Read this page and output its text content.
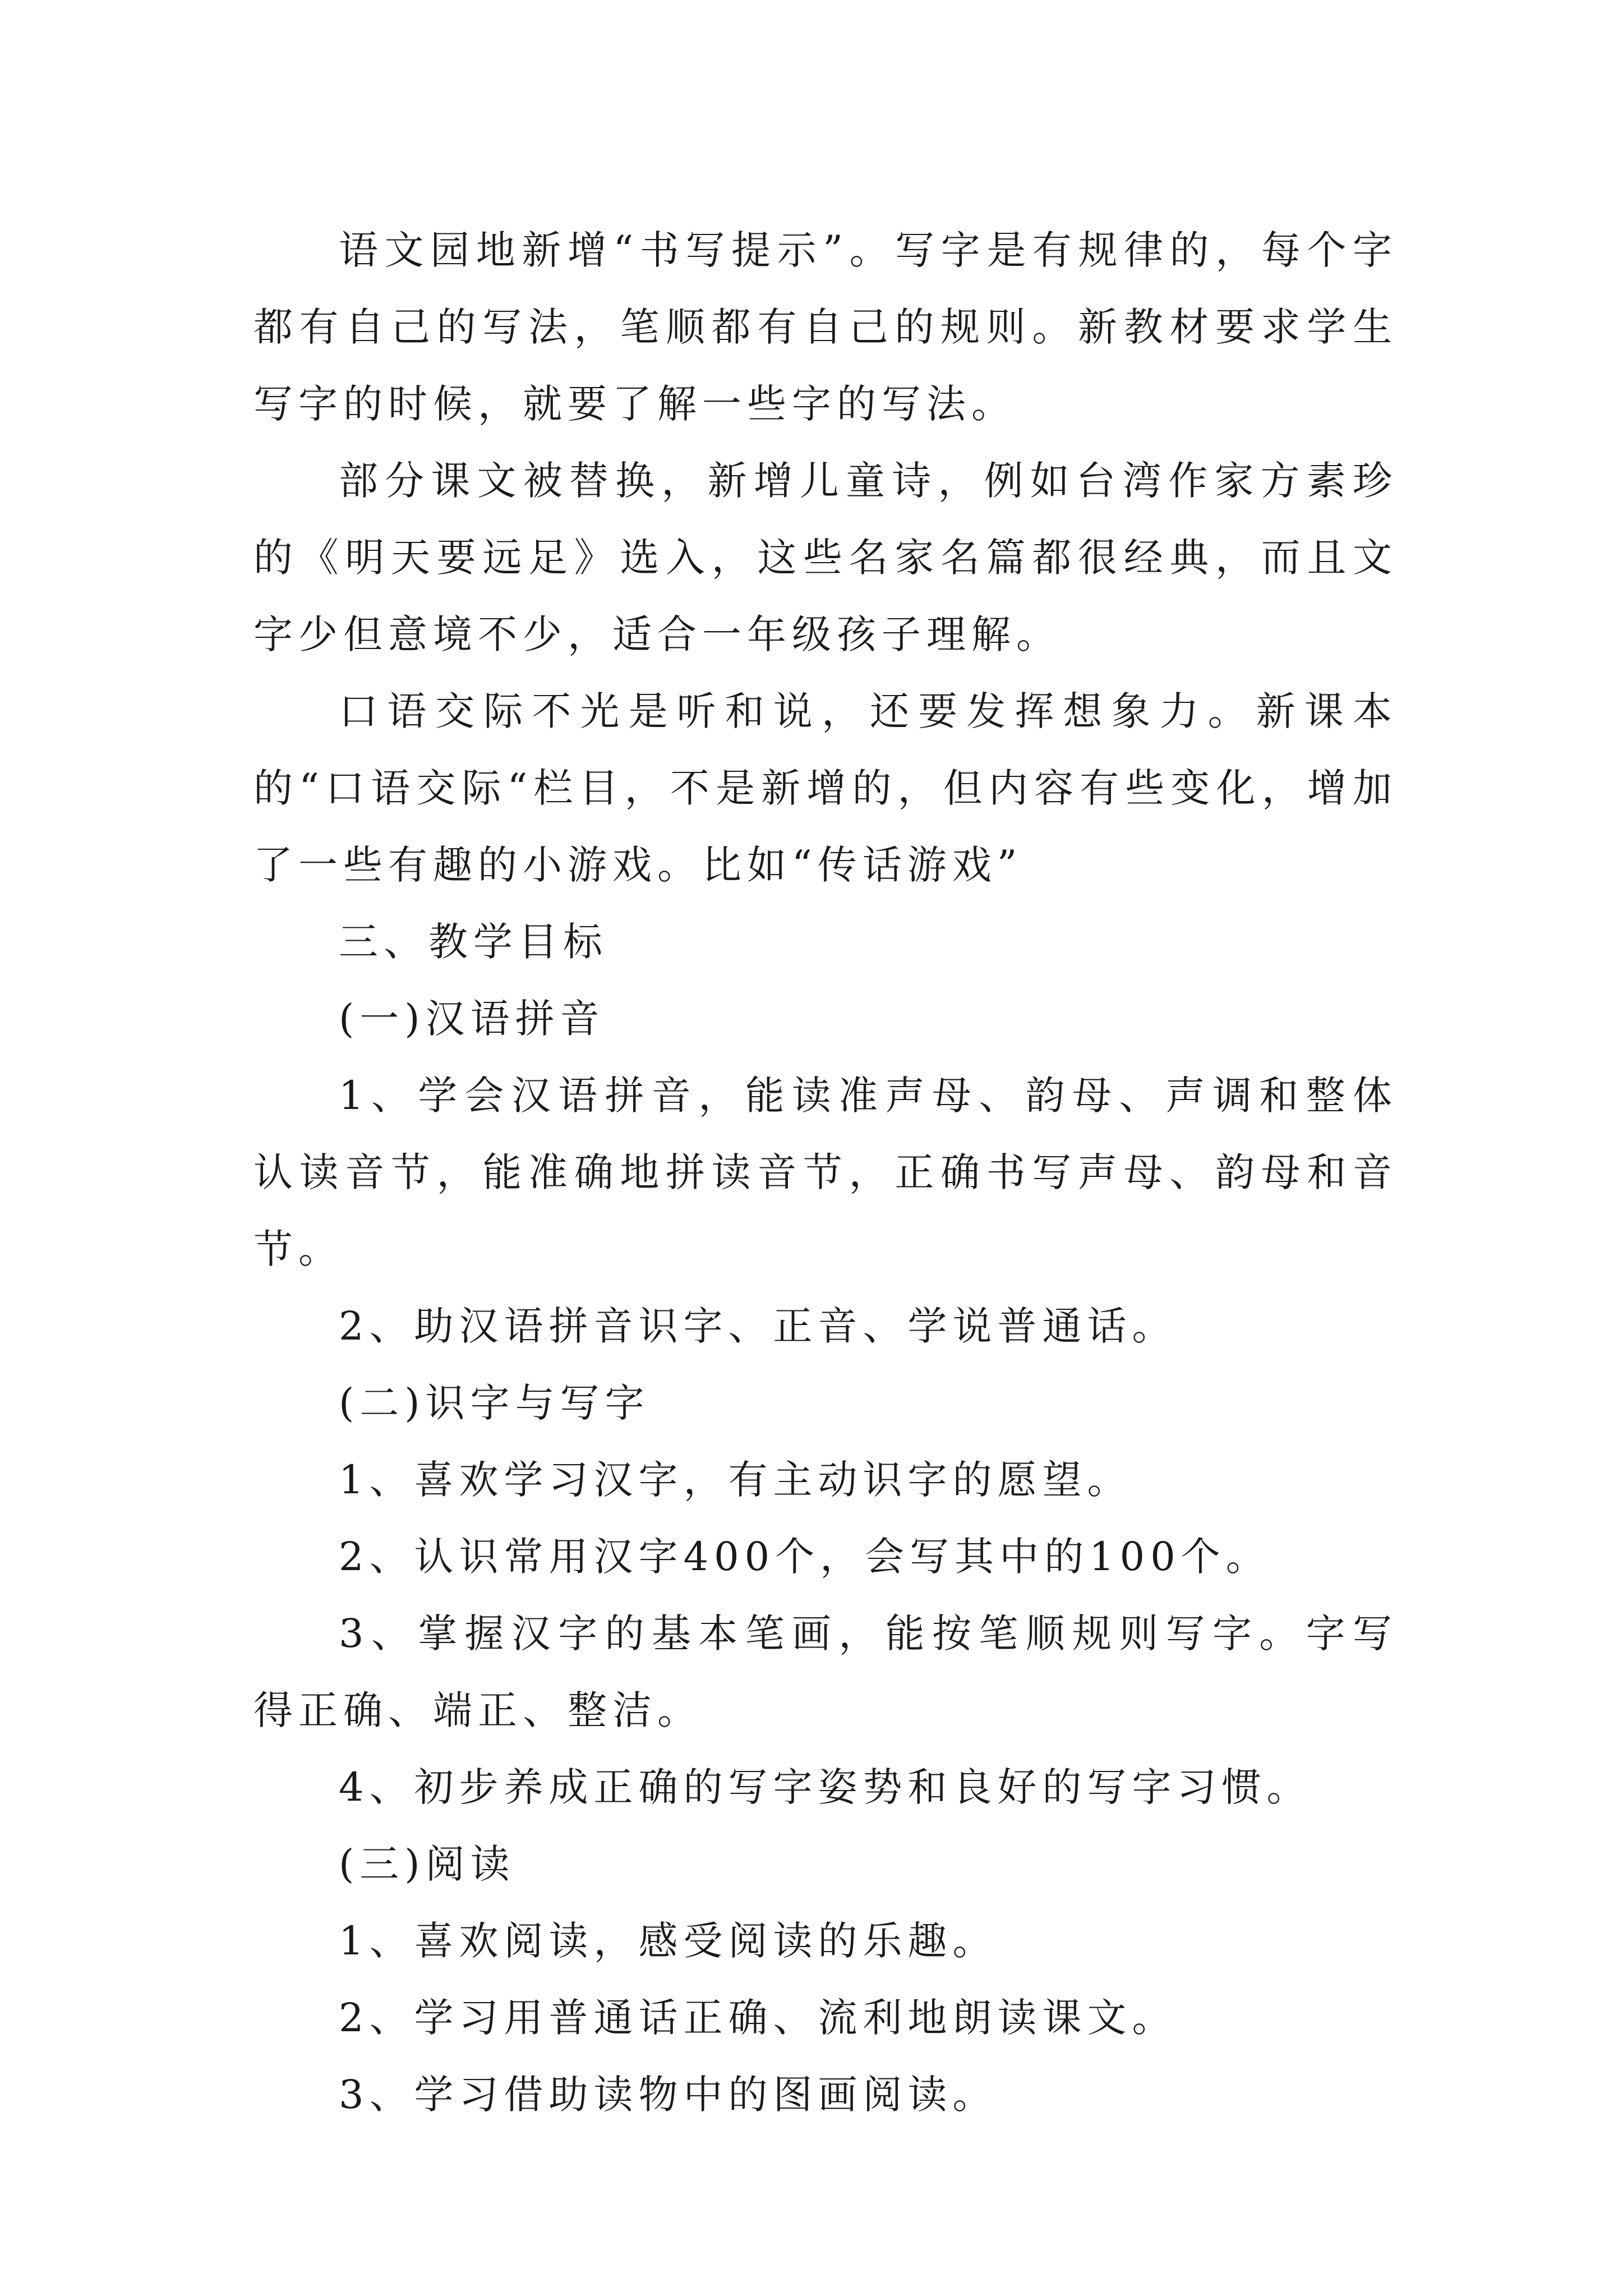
语文园地新增“书写提示”。写字是有规律的，每个字都有自己的写法，笔顺都有自己的规则。新教材要求学生写字的时候，就要了解一些字的写法。

部分课文被替换，新增儿童诗，例如台湾作家方素珍的《明天要远足》选入，这些名家名篇都很经典，而且文字少但意境不少，适合一年级孩子理解。

口语交际不光是听和说，还要发挥想象力。新课本的“口语交际“栏目，不是新增的，但内容有些变化，增加了一些有趣的小游戏。比如“传话游戏”

三、教学目标

(一)汉语拼音

1、学会汉语拼音，能读准声母、韵母、声调和整体认读音节，能准确地拼读音节，正确书写声母、韵母和音节。

2、助汉语拼音识字、正音、学说普通话。

(二)识字与写字

1、喜欢学习汉字，有主动识字的愿望。

2、认识常用汉字400个，会写其中的100个。

3、掌握汉字的基本笔画，能按笔顺规则写字。字写得正确、端正、整洁。

4、初步养成正确的写字姿势和良好的写字习惯。

(三)阅读

1、喜欢阅读，感受阅读的乐趣。

2、学习用普通话正确、流利地朗读课文。

3、学习借助读物中的图画阅读。
